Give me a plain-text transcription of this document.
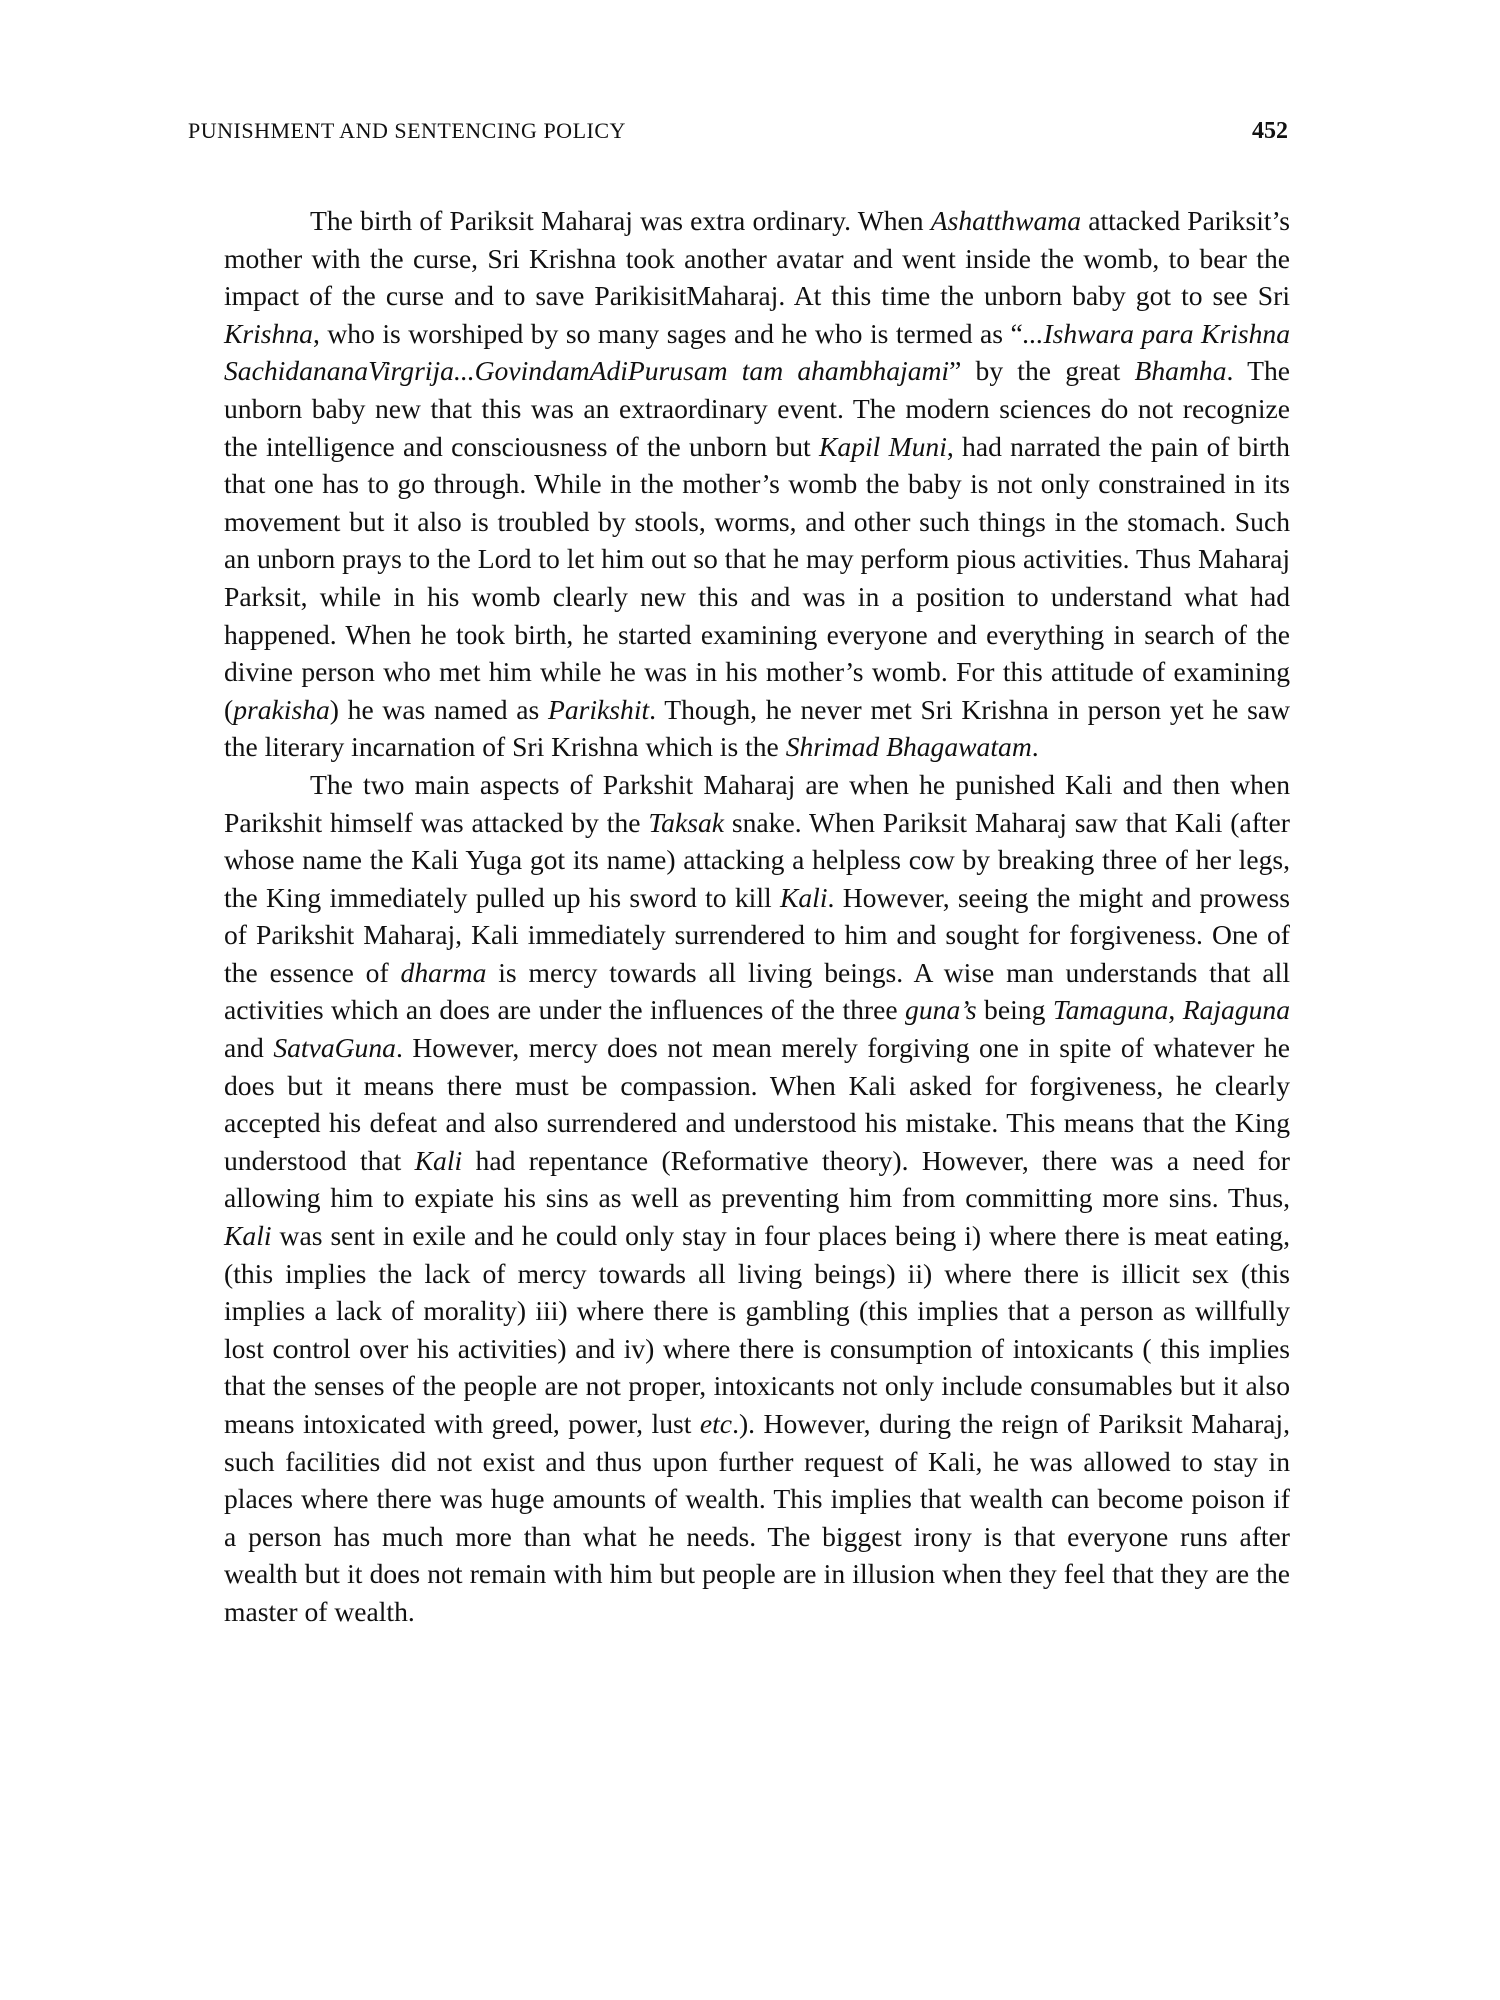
PUNISHMENT AND SENTENCING POLICY	452

The birth of Pariksit Maharaj was extra ordinary. When Ashatthwama attacked Pariksit’s mother with the curse, Sri Krishna took another avatar and went inside the womb, to bear the impact of the curse and to save ParikisitMaharaj. At this time the unborn baby got to see Sri Krishna, who is worshiped by so many sages and he who is termed as “...Ishwara para Krishna SachidananaVirgrija...GovindamAdiPurusam tam ahambhajami” by the great Bhamha. The unborn baby new that this was an extraordinary event. The modern sciences do not recognize the intelligence and consciousness of the unborn but Kapil Muni, had narrated the pain of birth that one has to go through. While in the mother’s womb the baby is not only constrained in its movement but it also is troubled by stools, worms, and other such things in the stomach. Such an unborn prays to the Lord to let him out so that he may perform pious activities. Thus Maharaj Parksit, while in his womb clearly new this and was in a position to understand what had happened. When he took birth, he started examining everyone and everything in search of the divine person who met him while he was in his mother’s womb. For this attitude of examining (prakisha) he was named as Parikshit. Though, he never met Sri Krishna in person yet he saw the literary incarnation of Sri Krishna which is the Shrimad Bhagawatam.

The two main aspects of Parkshit Maharaj are when he punished Kali and then when Parikshit himself was attacked by the Taksak snake. When Pariksit Maharaj saw that Kali (after whose name the Kali Yuga got its name) attacking a helpless cow by breaking three of her legs, the King immediately pulled up his sword to kill Kali. However, seeing the might and prowess of Parikshit Maharaj, Kali immediately surrendered to him and sought for forgiveness. One of the essence of dharma is mercy towards all living beings. A wise man understands that all activities which an does are under the influences of the three guna’s being Tamaguna, Rajaguna and SatvaGuna. However, mercy does not mean merely forgiving one in spite of whatever he does but it means there must be compassion. When Kali asked for forgiveness, he clearly accepted his defeat and also surrendered and understood his mistake. This means that the King understood that Kali had repentance (Reformative theory). However, there was a need for allowing him to expiate his sins as well as preventing him from committing more sins. Thus, Kali was sent in exile and he could only stay in four places being i) where there is meat eating, (this implies the lack of mercy towards all living beings) ii) where there is illicit sex (this implies a lack of morality) iii) where there is gambling (this implies that a person as willfully lost control over his activities) and iv) where there is consumption of intoxicants ( this implies that the senses of the people are not proper, intoxicants not only include consumables but it also means intoxicated with greed, power, lust etc.). However, during the reign of Pariksit Maharaj, such facilities did not exist and thus upon further request of Kali, he was allowed to stay in places where there was huge amounts of wealth. This implies that wealth can become poison if a person has much more than what he needs. The biggest irony is that everyone runs after wealth but it does not remain with him but people are in illusion when they feel that they are the master of wealth.
